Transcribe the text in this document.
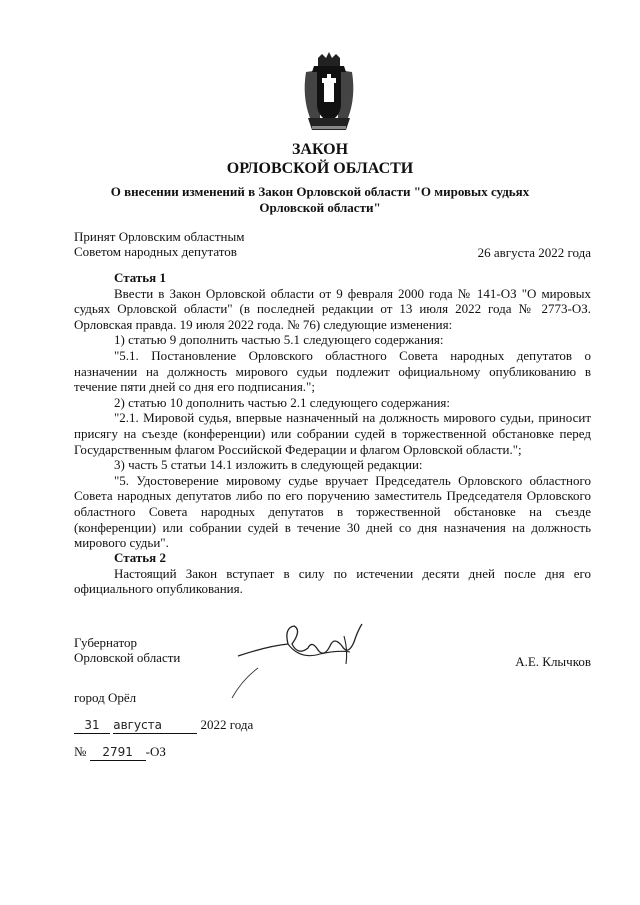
ЗАКОН
ОРЛОВСКОЙ ОБЛАСТИ
О внесении изменений в Закон Орловской области "О мировых судьях
Орловской области"
Принят Орловским областным
Советом народных депутатов	26 августа 2022 года

Статья 1

Ввести в Закон Орловской области от 9 февраля 2000 года № 141-ОЗ "О мировых судьях Орловской области" (в последней редакции от 13 июля 2022 года № 2773-ОЗ. Орловская правда. 19 июля 2022 года. № 76) следующие изменения:

1) статью 9 дополнить частью 5.1 следующего содержания:

"5.1. Постановление Орловского областного Совета народных депутатов о назначении на должность мирового судьи подлежит официальному опубликованию в течение пяти дней со дня его подписания.";

2) статью 10 дополнить частью 2.1 следующего содержания:

"2.1. Мировой судья, впервые назначенный на должность мирового судьи, приносит присягу на съезде (конференции) или собрании судей в торжественной обстановке перед Государственным флагом Российской Федерации и флагом Орловской области.";

3) часть 5 статьи 14.1 изложить в следующей редакции:

"5. Удостоверение мировому судье вручает Председатель Орловского областного Совета народных депутатов либо по его поручению заместитель Председателя Орловского областного Совета народных депутатов в торжественной обстановке на съезде (конференции) или собрании судей в течение 30 дней со дня назначения на должность мирового судьи".

Статья 2

Настоящий Закон вступает в силу по истечении десяти дней после дня его официального опубликования.

Губернатор
Орловской области	А.Е. Клычков
город Орёл
31 августа	2022 года
№ 2791 -ОЗ
